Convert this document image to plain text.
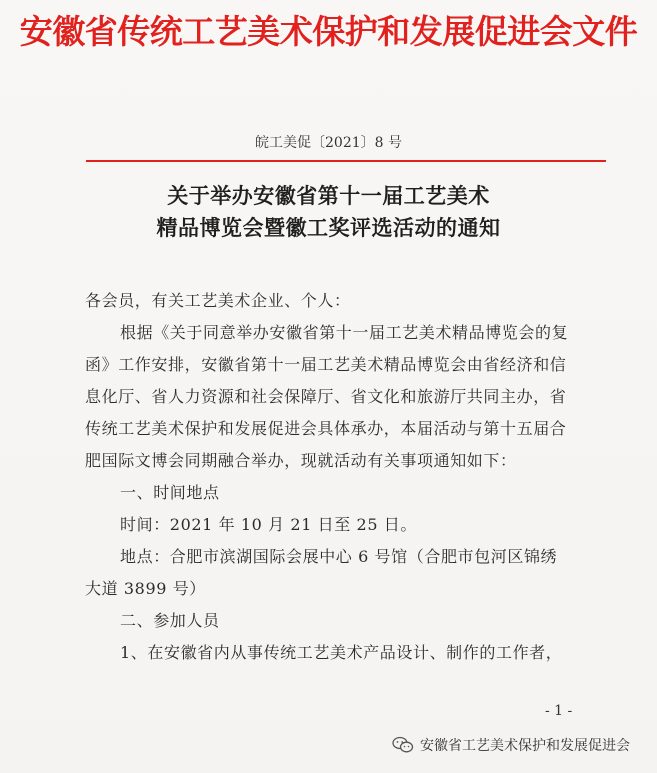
安徽省传统工艺美术保护和发展促进会文件
皖工美促〔2021〕8 号
关于举办安徽省第十一届工艺美术
精品博览会暨徽工奖评选活动的通知
各会员，有关工艺美术企业、个人：
根据《关于同意举办安徽省第十一届工艺美术精品博览会的复
函》工作安排，安徽省第十一届工艺美术精品博览会由省经济和信
息化厅、省人力资源和社会保障厅、省文化和旅游厅共同主办，省
传统工艺美术保护和发展促进会具体承办，本届活动与第十五届合
肥国际文博会同期融合举办，现就活动有关事项通知如下：
一、时间地点
时间：2021 年 10 月 21 日至 25 日。
地点：合肥市滨湖国际会展中心 6 号馆（合肥市包河区锦绣
大道 3899 号）
二、参加人员
1、在安徽省内从事传统工艺美术产品设计、制作的工作者，
- 1 -
安徽省工艺美术保护和发展促进会
